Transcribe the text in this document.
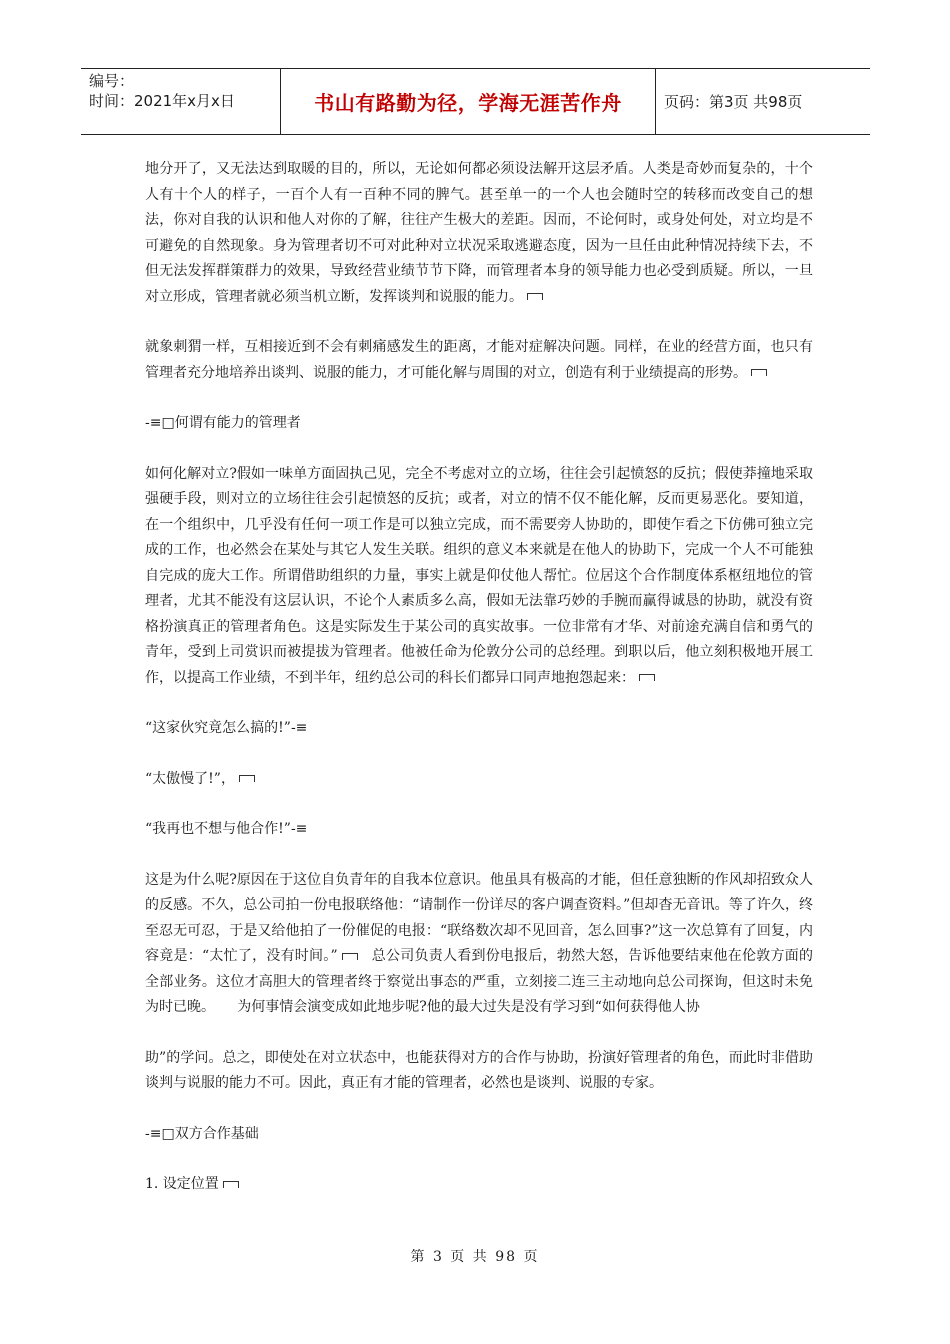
编号：
时间：2021年x月x日	书山有路勤为径，学海无涯苦作舟	页码：第3页 共98页

地分开了，又无法达到取暖的目的，所以，无论如何都必须设法解开这层矛盾。人类是奇妙而复杂的，十个人有十个人的样子，一百个人有一百种不同的脾气。甚至单一的一个人也会随时空的转移而改变自己的想法，你对自我的认识和他人对你的了解，往往产生极大的差距。因而，不论何时，或身处何处，对立均是不可避免的自然现象。身为管理者切不可对此种对立状况采取逃避态度，因为一旦任由此种情况持续下去，不但无法发挥群策群力的效果，导致经营业绩节节下降，而管理者本身的领导能力也必受到质疑。所以，一旦对立形成，管理者就必须当机立断，发挥谈判和说服的能力。

就象刺猬一样，互相接近到不会有刺痛感发生的距离，才能对症解决问题。同样，在业的经营方面，也只有管理者充分地培养出谈判、说服的能力，才可能化解与周围的对立，创造有利于业绩提高的形势。

-≡□何谓有能力的管理者

如何化解对立?假如一味单方面固执己见，完全不考虑对立的立场，往往会引起愤怒的反抗；假使莽撞地采取强硬手段，则对立的立场往往会引起愤怒的反抗；或者，对立的情不仅不能化解，反而更易恶化。要知道，在一个组织中，几乎没有任何一项工作是可以独立完成，而不需要旁人协助的，即使乍看之下仿佛可独立完成的工作，也必然会在某处与其它人发生关联。组织的意义本来就是在他人的协助下，完成一个人不可能独自完成的庞大工作。所谓借助组织的力量，事实上就是仰仗他人帮忙。位居这个合作制度体系枢纽地位的管理者，尤其不能没有这层认识，不论个人素质多么高，假如无法靠巧妙的手腕而赢得诚恳的协助，就没有资格扮演真正的管理者角色。这是实际发生于某公司的真实故事。一位非常有才华、对前途充满自信和勇气的青年，受到上司赏识而被提拔为管理者。他被任命为伦敦分公司的总经理。到职以后，他立刻积极地开展工作，以提高工作业绩，不到半年，纽约总公司的科长们都异口同声地抱怨起来：

“这家伙究竟怎么搞的!”-≡

“太傲慢了!”，

“我再也不想与他合作!”-≡

这是为什么呢?原因在于这位自负青年的自我本位意识。他虽具有极高的才能，但任意独断的作风却招致众人的反感。不久，总公司拍一份电报联络他：“请制作一份详尽的客户调查资料。”但却杳无音讯。等了许久，终至忍无可忍，于是又给他拍了一份催促的电报：“联络数次却不见回音，怎么回事?”这一次总算有了回复，内容竟是：“太忙了，没有时间。” 总公司负责人看到份电报后，勃然大怒，告诉他要结束他在伦敦方面的全部业务。这位才高胆大的管理者终于察觉出事态的严重，立刻接二连三主动地向总公司探询，但这时未免为时已晚。 为何事情会演变成如此地步呢?他的最大过失是没有学习到“如何获得他人协

助”的学问。总之，即使处在对立状态中，也能获得对方的合作与协助，扮演好管理者的角色，而此时非借助谈判与说服的能力不可。因此，真正有才能的管理者，必然也是谈判、说服的专家。

-≡□双方合作基础

1. 设定位置

第 3 页 共 98 页
